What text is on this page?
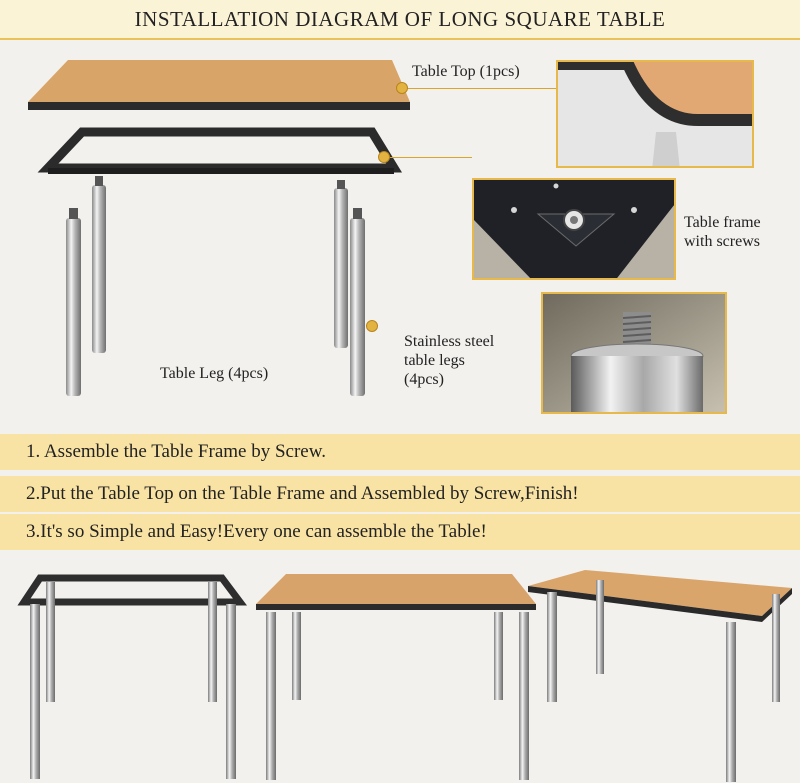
INSTALLATION DIAGRAM OF LONG SQUARE TABLE
Table Top (1pcs)
Table frame
with screws
Stainless steel
table legs
(4pcs)
Table Leg (4pcs)
1. Assemble the Table Frame by Screw.
2.Put the Table Top on the Table Frame and Assembled by Screw,Finish!
3.It's so Simple and Easy!Every one can assemble the Table!
